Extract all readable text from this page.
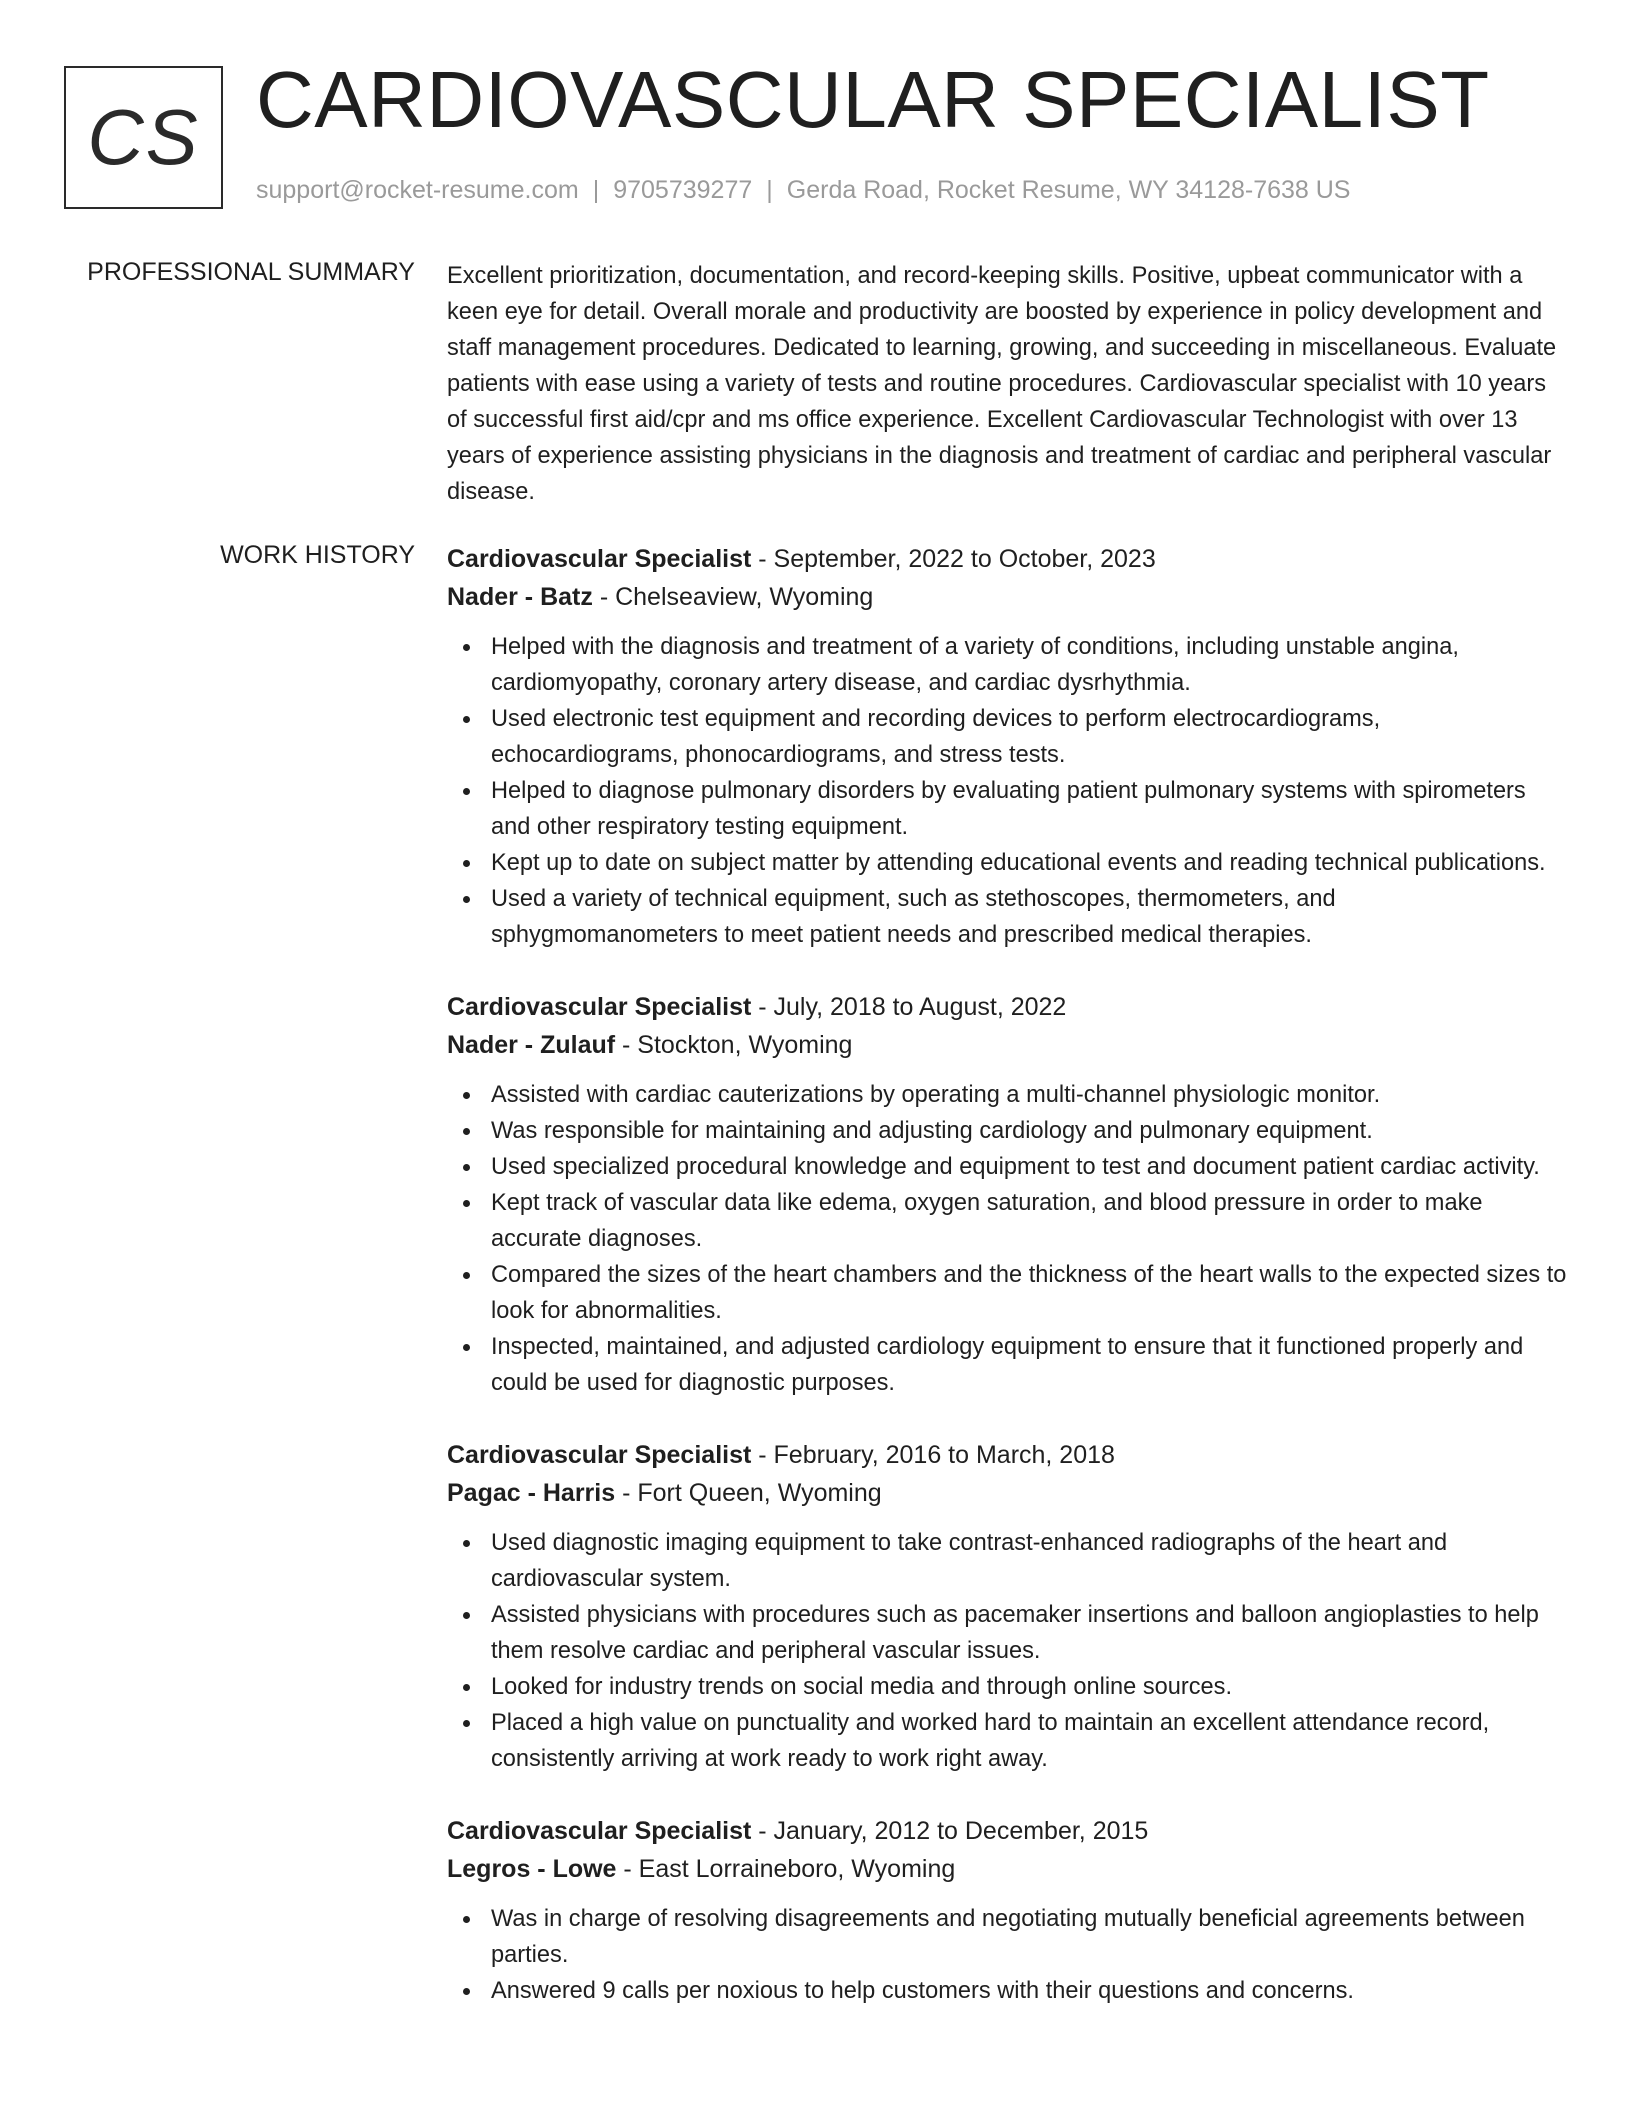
CS CARDIOVASCULAR SPECIALIST
support@rocket-resume.com | 9705739277 | Gerda Road, Rocket Resume, WY 34128-7638 US
PROFESSIONAL SUMMARY Excellent prioritization, documentation, and record-keeping skills. Positive, upbeat communicator with a keen eye for detail. Overall morale and productivity are boosted by experience in policy development and staff management procedures. Dedicated to learning, growing, and succeeding in miscellaneous. Evaluate patients with ease using a variety of tests and routine procedures. Cardiovascular specialist with 10 years of successful first aid/cpr and ms office experience. Excellent Cardiovascular Technologist with over 13 years of experience assisting physicians in the diagnosis and treatment of cardiac and peripheral vascular disease.

WORK HISTORY Cardiovascular Specialist - September, 2022 to October, 2023
Nader - Batz - Chelseaview, Wyoming
Helped with the diagnosis and treatment of a variety of conditions, including unstable angina, cardiomyopathy, coronary artery disease, and cardiac dysrhythmia.
Used electronic test equipment and recording devices to perform electrocardiograms, echocardiograms, phonocardiograms, and stress tests.
Helped to diagnose pulmonary disorders by evaluating patient pulmonary systems with spirometers and other respiratory testing equipment.
Kept up to date on subject matter by attending educational events and reading technical publications.
Used a variety of technical equipment, such as stethoscopes, thermometers, and sphygmomanometers to meet patient needs and prescribed medical therapies.
Cardiovascular Specialist - July, 2018 to August, 2022
Nader - Zulauf - Stockton, Wyoming
Assisted with cardiac cauterizations by operating a multi-channel physiologic monitor.
Was responsible for maintaining and adjusting cardiology and pulmonary equipment.
Used specialized procedural knowledge and equipment to test and document patient cardiac activity.
Kept track of vascular data like edema, oxygen saturation, and blood pressure in order to make accurate diagnoses.
Compared the sizes of the heart chambers and the thickness of the heart walls to the expected sizes to look for abnormalities.
Inspected, maintained, and adjusted cardiology equipment to ensure that it functioned properly and could be used for diagnostic purposes.
Cardiovascular Specialist - February, 2016 to March, 2018
Pagac - Harris - Fort Queen, Wyoming
Used diagnostic imaging equipment to take contrast-enhanced radiographs of the heart and cardiovascular system.
Assisted physicians with procedures such as pacemaker insertions and balloon angioplasties to help them resolve cardiac and peripheral vascular issues.
Looked for industry trends on social media and through online sources.
Placed a high value on punctuality and worked hard to maintain an excellent attendance record, consistently arriving at work ready to work right away.
Cardiovascular Specialist - January, 2012 to December, 2015
Legros - Lowe - East Lorraineboro, Wyoming
Was in charge of resolving disagreements and negotiating mutually beneficial agreements between parties.
Answered 9 calls per noxious to help customers with their questions and concerns.
